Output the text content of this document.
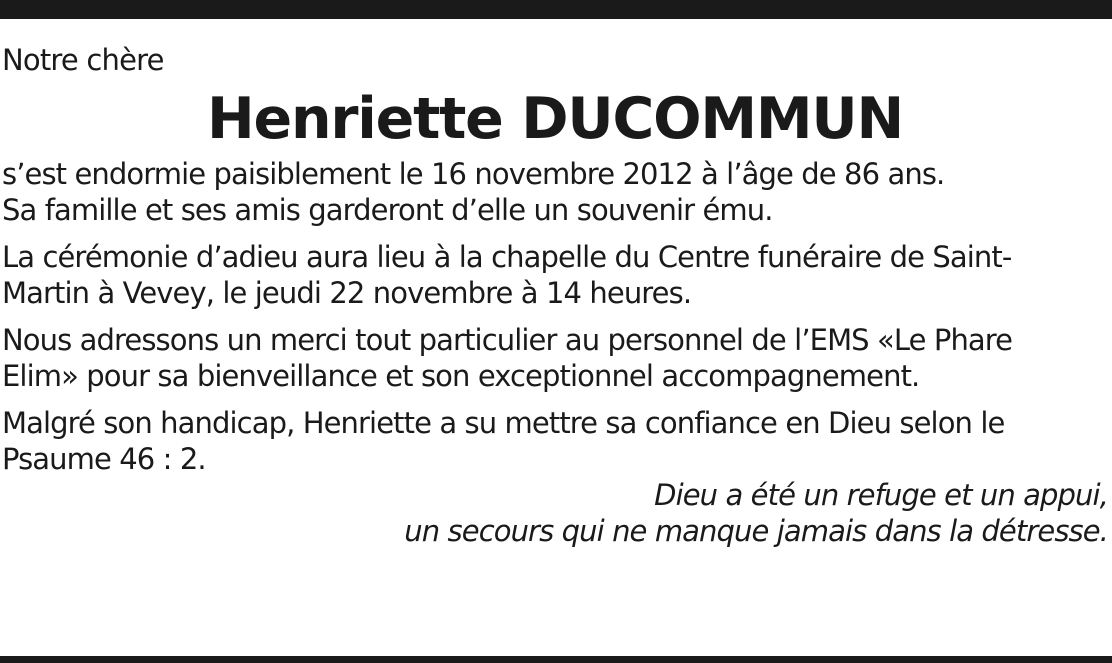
Notre chère

Henriette DUCOMMUN

s’est endormie paisiblement le 16 novembre 2012 à l’âge de 86 ans.
Sa famille et ses amis garderont d’elle un souvenir ému.

La cérémonie d’adieu aura lieu à la chapelle du Centre funéraire de Saint-
Martin à Vevey, le jeudi 22 novembre à 14 heures.

Nous adressons un merci tout particulier au personnel de l’EMS «Le Phare
Elim» pour sa bienveillance et son exceptionnel accompagnement.

Malgré son handicap, Henriette a su mettre sa confiance en Dieu selon le
Psaume 46 : 2.

Dieu a été un refuge et un appui,
un secours qui ne manque jamais dans la détresse.
